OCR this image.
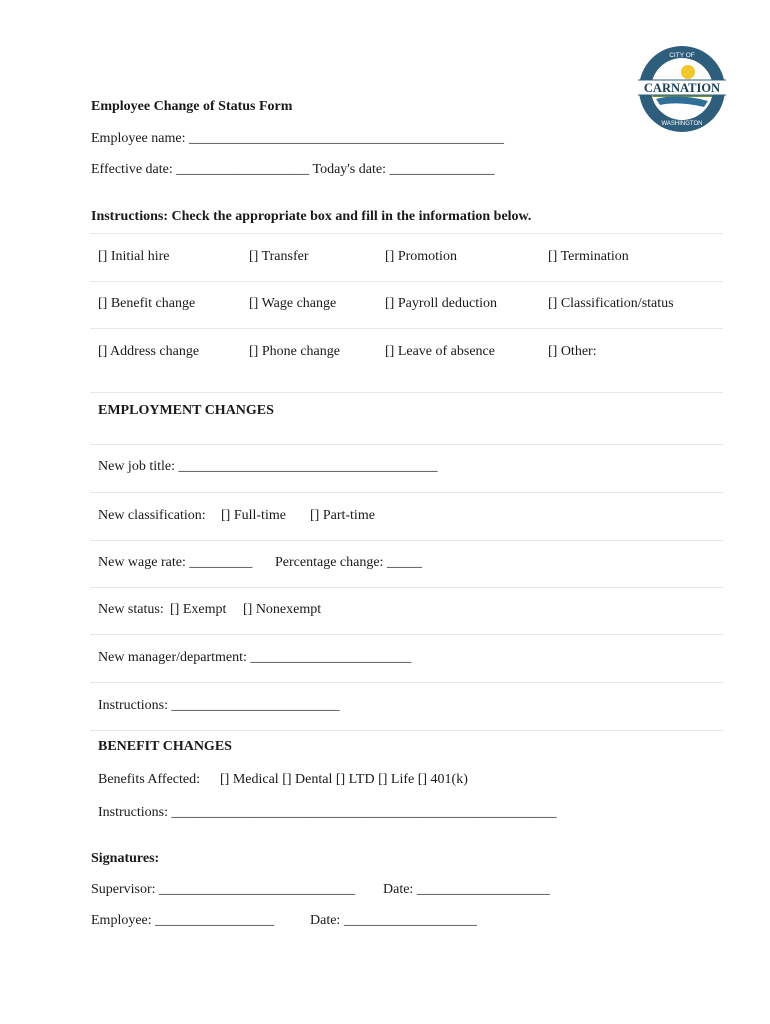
CARNATION
CITY OF
WASHINGTON
Employee Change of Status Form
Employee name: _____________________________________________
Effective date: ___________________ Today's date: _______________
Instructions: Check the appropriate box and fill in the information below.
[] Initial hire	[] Transfer	[] Promotion	[] Termination
[] Benefit change	[] Wage change	[] Payroll deduction	[] Classification/status
[] Address change	[] Phone change	[] Leave of absence	[] Other:
EMPLOYMENT CHANGES
New job title: _____________________________________
New classification: [] Full-time [] Part-time
New wage rate: _________ Percentage change: _____
New status: [] Exempt [] Nonexempt
New manager/department: _______________________
Instructions: ________________________
BENEFIT CHANGES
Benefits Affected: [] Medical [] Dental [] LTD [] Life [] 401(k)
Instructions: _______________________________________________________
Signatures:
Supervisor: ____________________________ Date: ___________________
Employee: _________________	Date: ___________________
